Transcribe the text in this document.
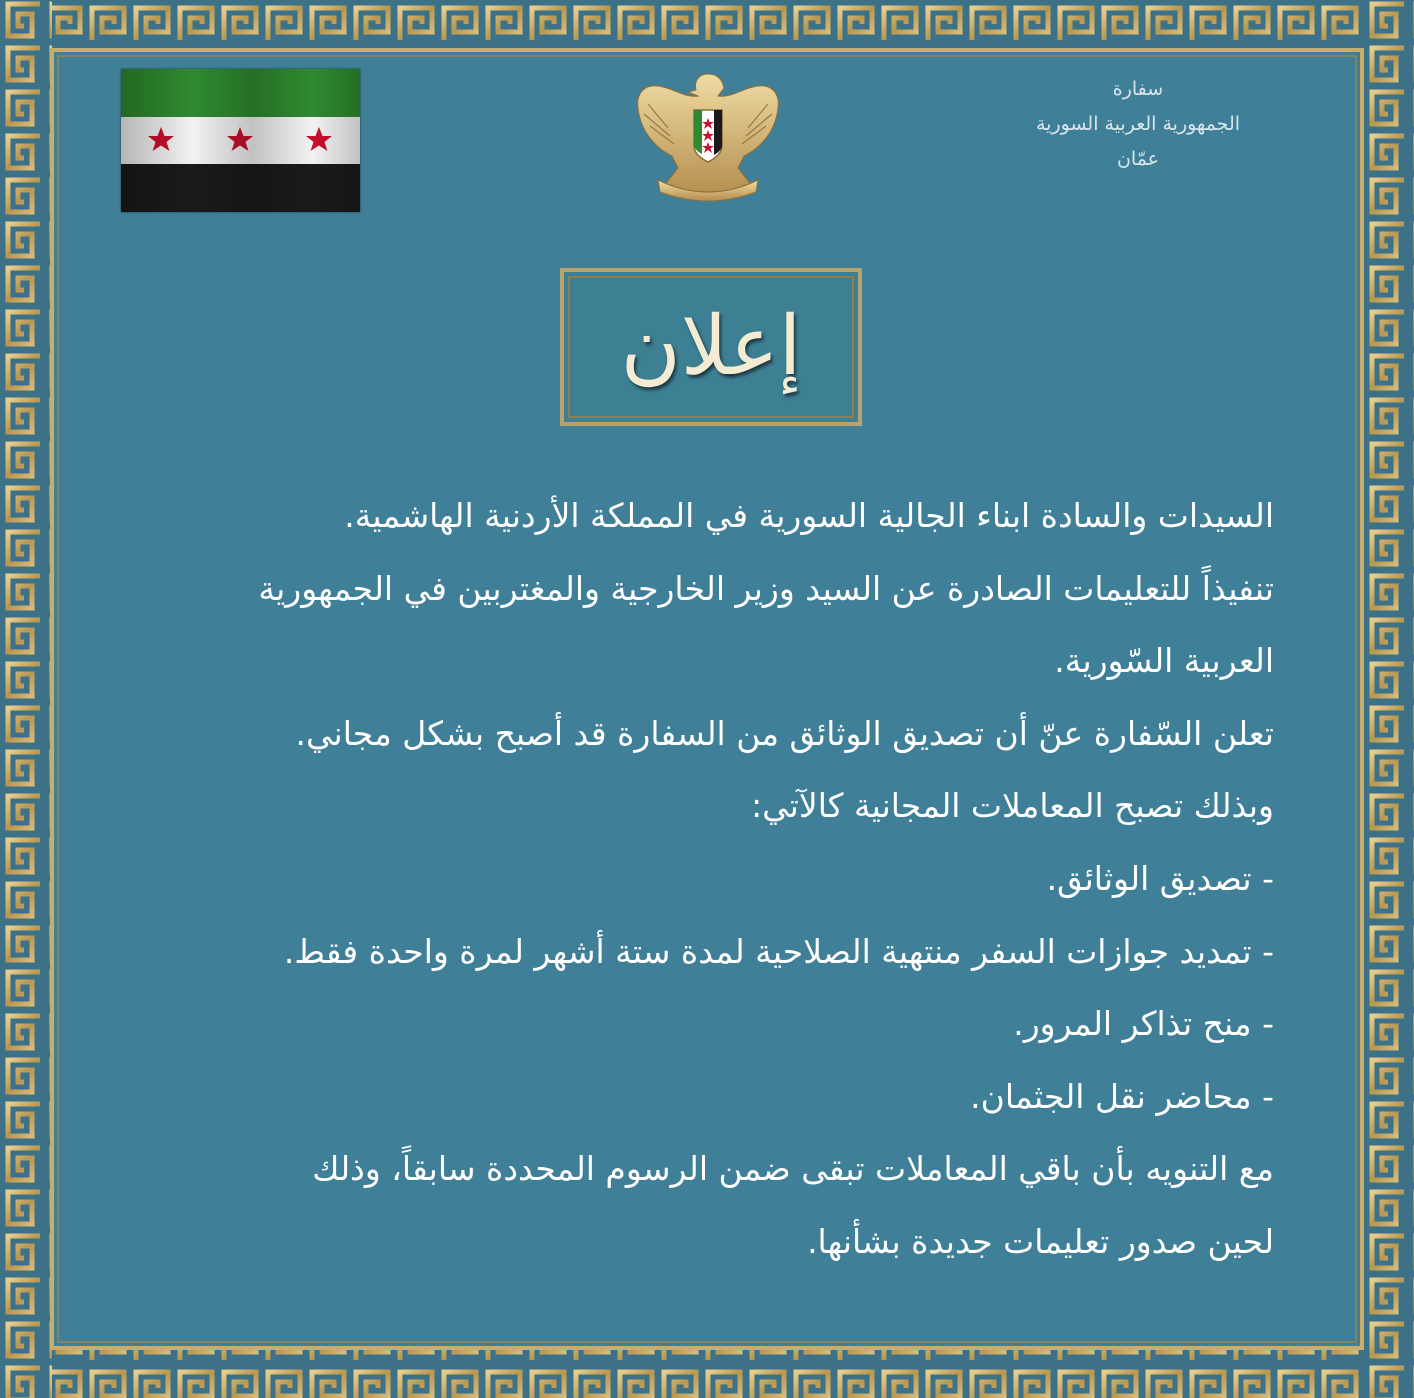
سفارة
الجمهورية العربية السورية
عمّان
إعلان

السيدات والسادة ابناء الجالية السورية في المملكة الأردنية الهاشمية.

تنفيذاً للتعليمات الصادرة عن السيد وزير الخارجية والمغتربين في الجمهورية

العربية السّورية.

تعلن السّفارة عنّ أن تصديق الوثائق من السفارة قد أصبح بشكل مجاني.

وبذلك تصبح المعاملات المجانية كالآتي:

- تصديق الوثائق.

- تمديد جوازات السفر منتهية الصلاحية لمدة ستة أشهر لمرة واحدة فقط.

- منح تذاكر المرور.

- محاضر نقل الجثمان.

مع التنويه بأن باقي المعاملات تبقى ضمن الرسوم المحددة سابقاً، وذلك

لحين صدور تعليمات جديدة بشأنها.
